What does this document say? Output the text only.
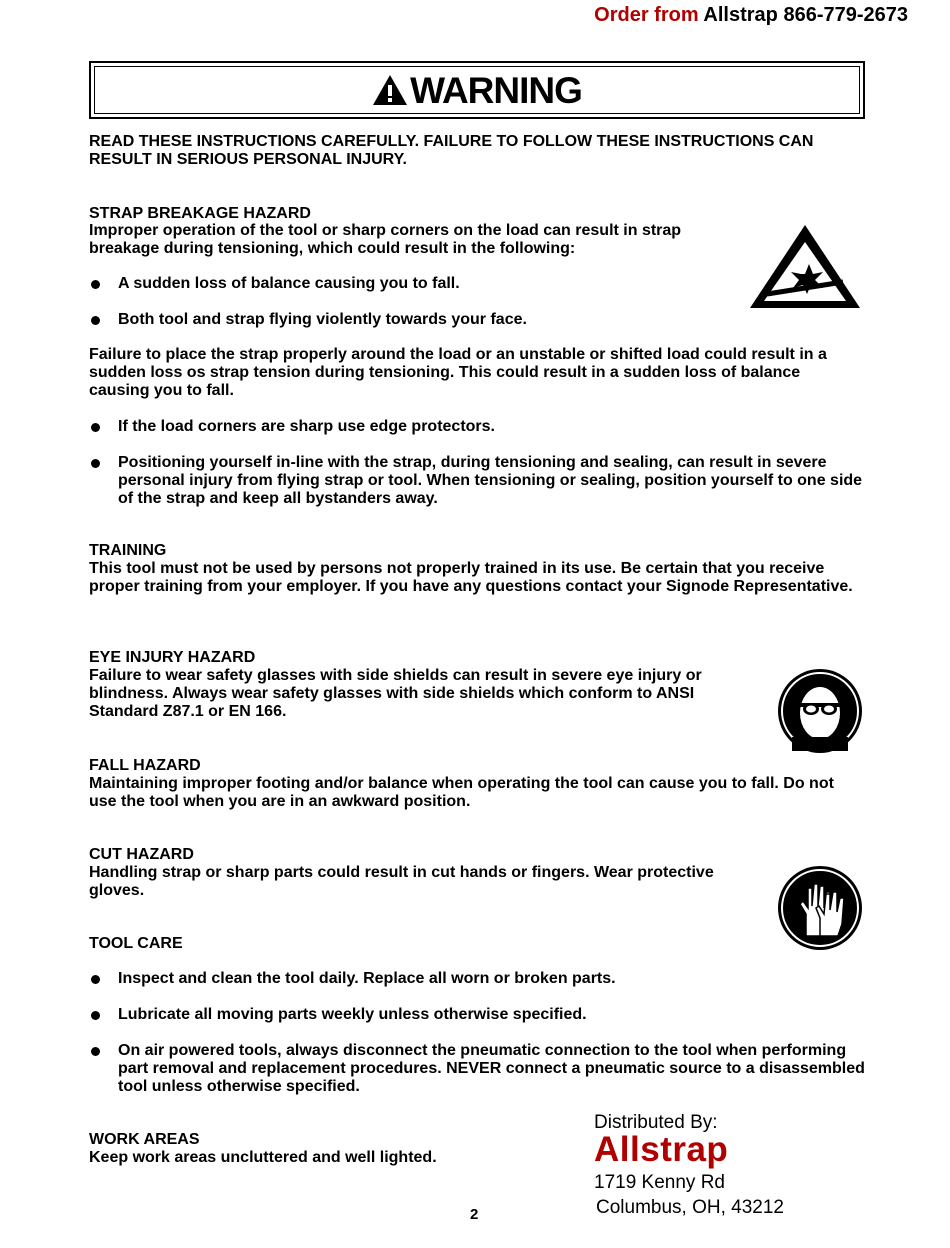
Order from Allstrap 866-779-2673
WARNING
READ THESE INSTRUCTIONS CAREFULLY. FAILURE TO FOLLOW THESE INSTRUCTIONS CAN RESULT IN SERIOUS PERSONAL INJURY.
STRAP BREAKAGE HAZARD
Improper operation of the tool or sharp corners on the load can result in strap breakage during tensioning, which could result in the following:
A sudden loss of balance causing you to fall.
Both tool and strap flying violently towards your face.
Failure to place the strap properly around the load or an unstable or shifted load could result in a sudden loss os strap tension during tensioning. This could result in a sudden loss of balance causing you to fall.
If the load corners are sharp use edge protectors.
Positioning yourself in-line with the strap, during tensioning and sealing, can result in severe personal injury from flying strap or tool. When tensioning or sealing, position yourself to one side of the strap and keep all bystanders away.
TRAINING
This tool must not be used by persons not properly trained in its use. Be certain that you receive proper training from your employer. If you have any questions contact your Signode Representative.
EYE INJURY HAZARD
Failure to wear safety glasses with side shields can result in severe eye injury or blindness. Always wear safety glasses with side shields which conform to ANSI Standard Z87.1 or EN 166.
FALL HAZARD
Maintaining improper footing and/or balance when operating the tool can cause you to fall. Do not use the tool when you are in an awkward position.
CUT HAZARD
Handling strap or sharp parts could result in cut hands or fingers. Wear protective gloves.
TOOL CARE
Inspect and clean the tool daily. Replace all worn or broken parts.
Lubricate all moving parts weekly unless otherwise specified.
On air powered tools, always disconnect the pneumatic connection to the tool when performing part removal and replacement procedures. NEVER connect a pneumatic source to a disassembled tool unless otherwise specified.
WORK AREAS
Keep work areas uncluttered and well lighted.
Distributed By:
Allstrap
1719 Kenny Rd
Columbus, OH, 43212
2
